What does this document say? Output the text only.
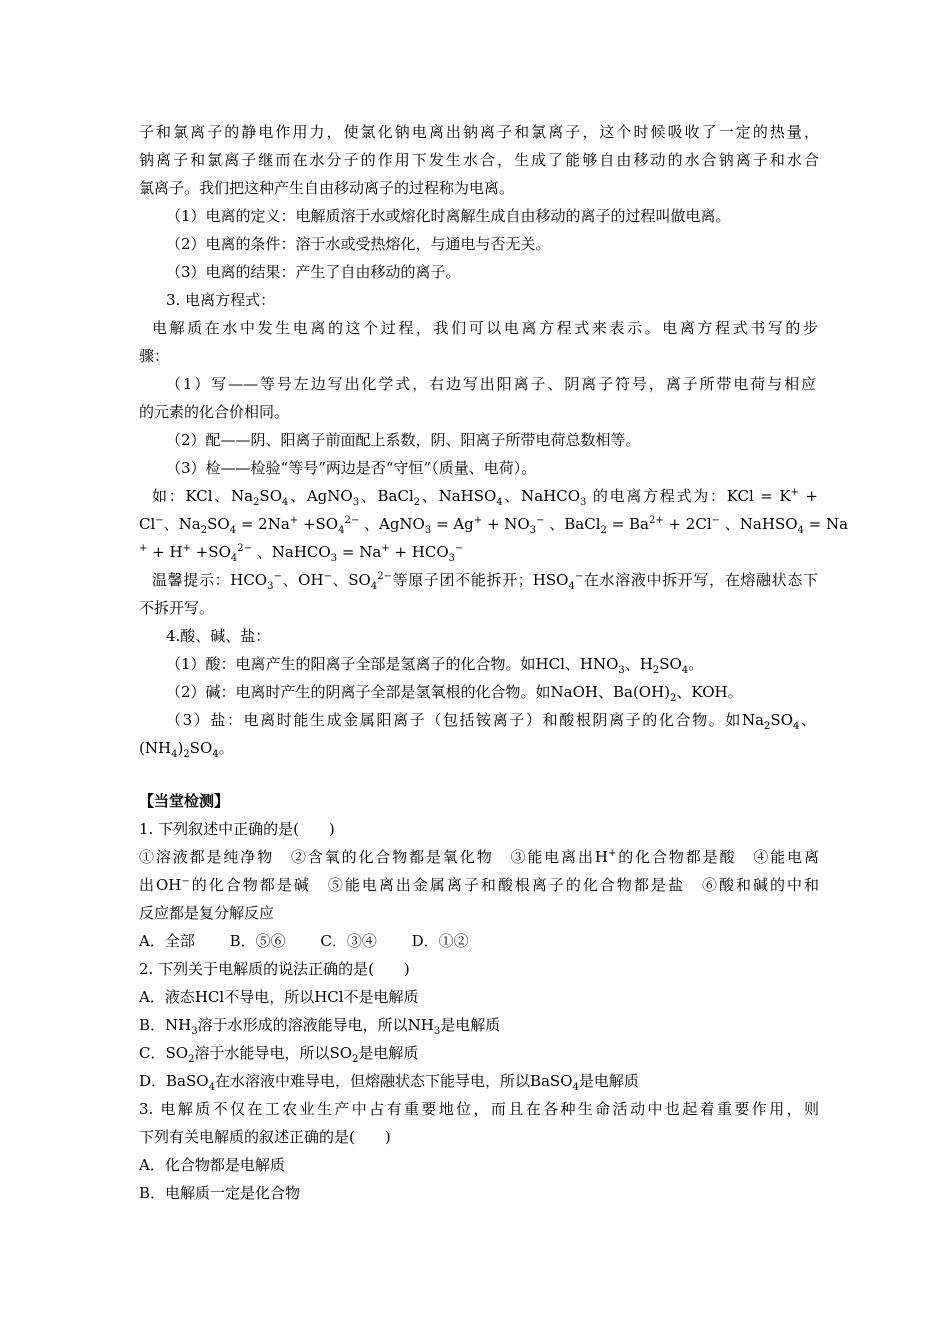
子和氯离子的静电作用力，使氯化钠电离出钠离子和氯离子，这个时候吸收了一定的热量，
钠离子和氯离子继而在水分子的作用下发生水合，生成了能够自由移动的水合钠离子和水合
氯离子。我们把这种产生自由移动离子的过程称为电离。
（1）电离的定义：电解质溶于水或熔化时离解生成自由移动的离子的过程叫做电离。
（2）电离的条件：溶于水或受热熔化，与通电与否无关。
（3）电离的结果：产生了自由移动的离子。
3. 电离方程式：
电解质在水中发生电离的这个过程，我们可以电离方程式来表示。电离方程式书写的步
骤：
（1）写——等号左边写出化学式，右边写出阳离子、阴离子符号，离子所带电荷与相应
的元素的化合价相同。
（2）配——阴、阳离子前面配上系数，阴、阳离子所带电荷总数相等。
（3）检——检验“等号”两边是否“守恒”（质量、电荷）。
如：KCl、$Na_2SO_4$、AgNO$_3$、BaCl$_2$、NaHSO$_4$、NaHCO$_3$ 的电离方程式为：KCl = K+ +
Cl−、$Na_2SO_4 = 2Na^+ +SO_4^{2-}$ 、AgNO$_3$ = $Ag^+ + NO_3^-$ 、BaCl$_2$ = $Ba^{2+} + 2Cl^-$ 、NaHSO$_4$ = Na
$^+ + H^+ +SO_4^{2-}$ 、NaHCO$_3$ = $Na^+ + HCO_3^-$
温馨提示：$HCO_3^-$、OH−、$SO_4^{2-}$等原子团不能拆开；$HSO_4^-$在水溶液中拆开写，在熔融状态下
不拆开写。
4.酸、碱、盐：
（1）酸：电离产生的阳离子全部是氢离子的化合物。如HCl、$HNO_3$、$H_2SO_4$。
（2）碱：电离时产生的阴离子全部是氢氧根的化合物。如NaOH、$Ba(OH)_2$、KOH。
（3）盐：电离时能生成金属阳离子（包括铵离子）和酸根阴离子的化合物。如$Na_2SO_4$、
$(NH_4)_2SO_4$。
【当堂检测】
1. 下列叙述中正确的是(　　)
①溶液都是纯净物　②含氧的化合物都是氧化物　③能电离出H+的化合物都是酸　④能电离
出OH−的化合物都是碱　⑤能电离出金属离子和酸根离子的化合物都是盐　⑥酸和碱的中和
反应都是复分解反应
A．全部　　 B．⑤⑥　　 C．③④　　 D．①②
2. 下列关于电解质的说法正确的是(　　)
A．液态HCl不导电，所以HCl不是电解质
B．$NH_3$溶于水形成的溶液能导电，所以$NH_3$是电解质
C．$SO_2$溶于水能导电，所以$SO_2$是电解质
D．BaSO$_4$在水溶液中难导电，但熔融状态下能导电，所以BaSO$_4$是电解质
3. 电解质不仅在工农业生产中占有重要地位，而且在各种生命活动中也起着重要作用，则
下列有关电解质的叙述正确的是(　　)
A．化合物都是电解质
B．电解质一定是化合物
